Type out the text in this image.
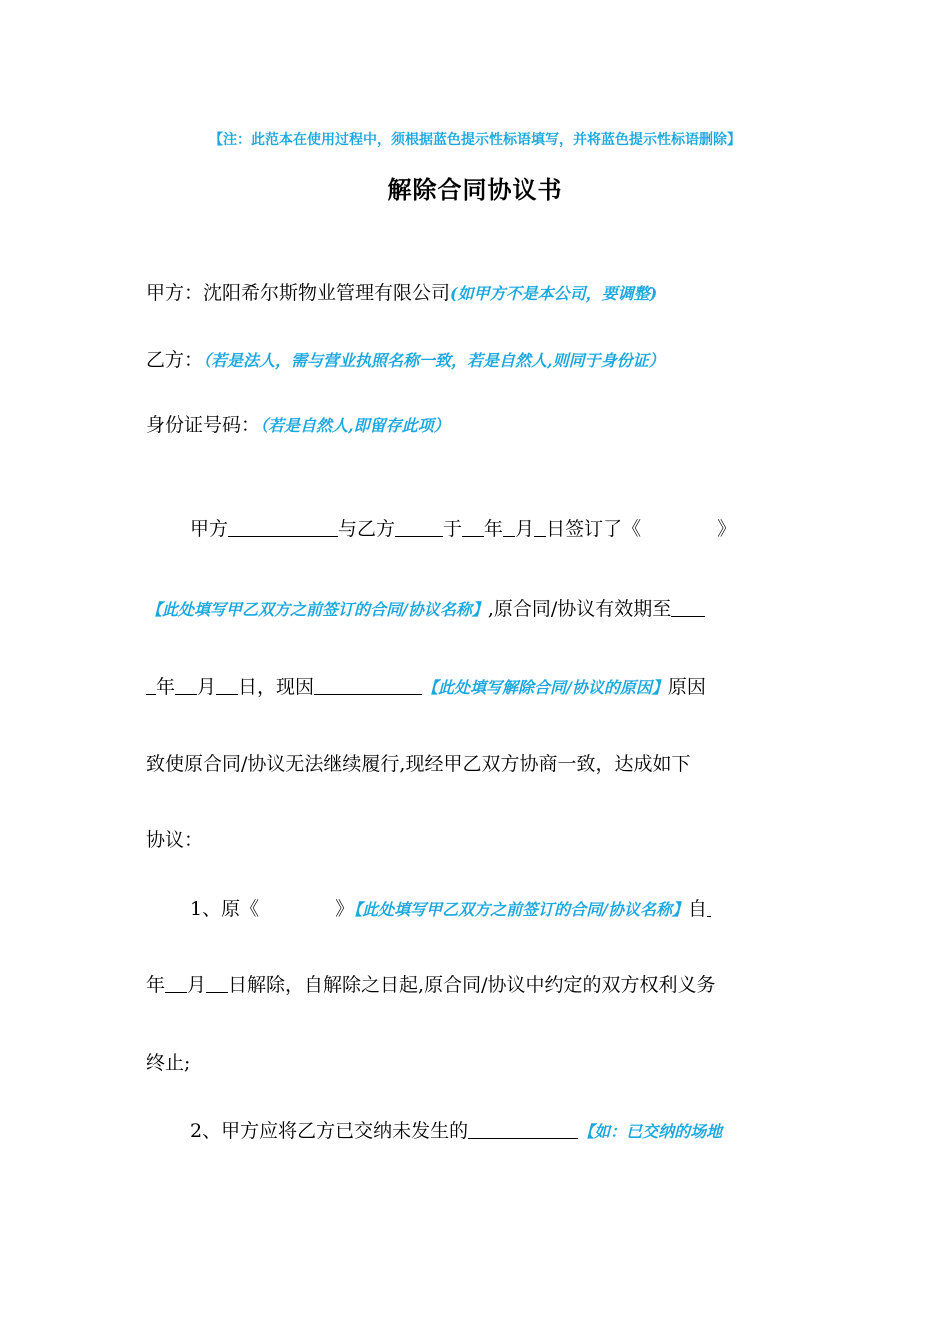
【注：此范本在使用过程中，须根据蓝色提示性标语填写，并将蓝色提示性标语删除】
解除合同协议书
甲方：沈阳希尔斯物业管理有限公司(如甲方不是本公司，要调整)
乙方：（若是法人，需与营业执照名称一致，若是自然人,则同于身份证）
身份证号码：（若是自然人,即留存此项）
甲方	与乙方	于 年 月 日签订了《	》
【此处填写甲乙双方之前签订的合同/协议名称】,原合同/协议有效期至
年 月 日，现因	【此处填写解除合同/协议的原因】原因
致使原合同/协议无法继续履行,现经甲乙双方协商一致，达成如下
协议：
1、原《	》【此处填写甲乙双方之前签订的合同/协议名称】自
年 月 日解除，自解除之日起,原合同/协议中约定的双方权利义务
终止;
2、甲方应将乙方已交纳未发生的	【如：已交纳的场地
